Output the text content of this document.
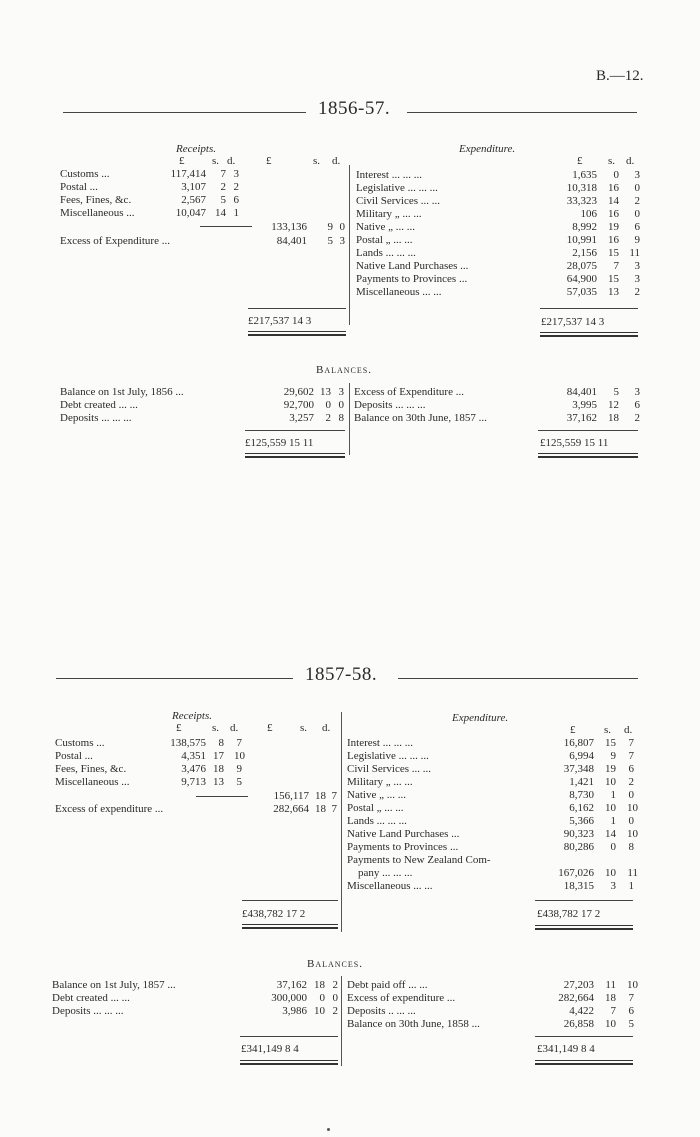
B.—12.
1856-57.
Receipts.
£	s. d.	£	s. d.
Customs ...	117,414 7 3
Postal ...	3,107 2 2
Fees, Fines, &c.	2,567 5 6
Miscellaneous ...	10,047 14 1
133,136 9 0
Excess of Expenditure ...	84,401 5 3
Expenditure.
£ s. d.
Interest ... ... ...	1,635 0 3
Legislative ... ... ...	10,318 16 0
Civil Services ... ...	33,323 14 2
Military „ ... ...	106 16 0
Native „ ... ...	8,992 19 6
Postal „ ... ...	10,991 16 9
Lands ... ... ...	2,156 15 11
Native Land Purchases ...	28,075 7 3
Payments to Provinces ...	64,900 15 3
Miscellaneous ... ...	57,035 13 2
£217,537 14 3	£217,537 14 3
Balances.
Balance on 1st July, 1856 ...	29,602 13 3
Debt created ... ...	92,700 0 0
Deposits ... ... ...	3,257 2 8
Excess of Expenditure ...	84,401 5 3
Deposits ... ... ...	3,995 12 6
Balance on 30th June, 1857 ...	37,162 18 2
£125,559 15 11	£125,559 15 11
1857-58.
Receipts.
£	s. d.	£	s. d.
Customs ...	138,575 8 7
Postal ...	4,351 17 10
Fees, Fines, &c.	3,476 18 9
Miscellaneous ...	9,713 13 5
156,117 18 7
Excess of expenditure ...	282,664 18 7
Expenditure.
£	s. d.
Interest ... ... ...	16,807 15 7
Legislative ... ... ...	6,994 9 7
Civil Services ... ...	37,348 19 6
Military „ ... ...	1,421 10 2
Native „ ... ...	8,730 1 0
Postal „ ... ...	6,162 10 10
Lands ... ... ...	5,366 1 0
Native Land Purchases ...	90,323 14 10
Payments to Provinces ...	80,286 0 8
Payments to New Zealand Com-
pany ... ... ...	167,026 10 11
Miscellaneous ... ...	18,315 3 1
£438,782 17 2	£438,782 17 2
Balances.
Balance on 1st July, 1857 ...	37,162 18 2
Debt created ... ...	300,000 0 0
Deposits ... ... ...	3,986 10 2
Debt paid off ... ...	27,203 11 10
Excess of expenditure ...	282,664 18 7
Deposits .. ... ...	4,422 7 6
Balance on 30th June, 1858 ...	26,858 10 5
£341,149 8 4	£341,149 8 4
